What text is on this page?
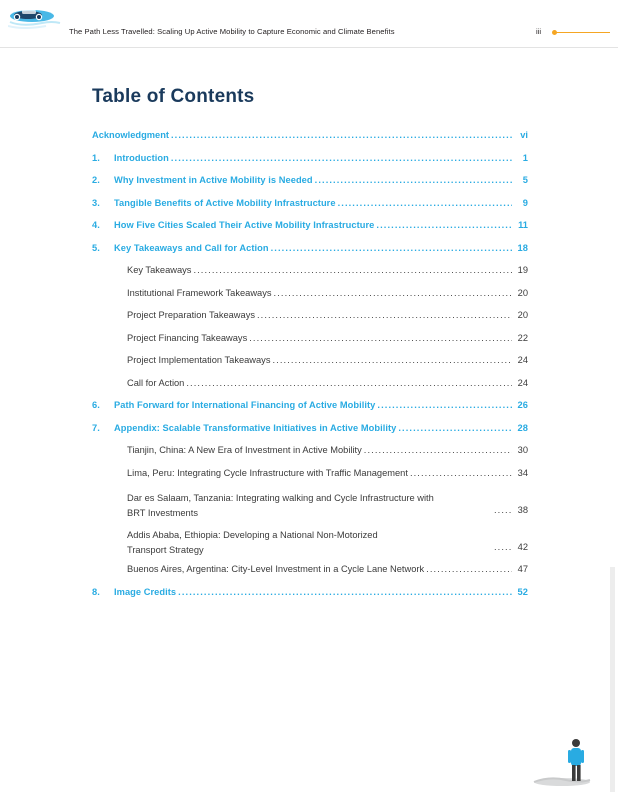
The Path Less Travelled: Scaling Up Active Mobility to Capture Economic and Climate Benefits	iii
Table of Contents
Acknowledgment .....	vi
1.	Introduction .....	1
2.	Why Investment in Active Mobility is Needed .....	5
3.	Tangible Benefits of Active Mobility Infrastructure .....	9
4.	How Five Cities Scaled Their Active Mobility Infrastructure .....	11
5.	Key Takeaways and Call for Action .....	18
Key Takeaways .....	19
Institutional Framework Takeaways .....	20
Project Preparation Takeaways .....	20
Project Financing Takeaways .....	22
Project Implementation Takeaways .....	24
Call for Action .....	24
6.	Path Forward for International Financing of Active Mobility .....	26
7.	Appendix: Scalable Transformative Initiatives in Active Mobility .....	28
Tianjin, China: A New Era of Investment in Active Mobility .....	30
Lima, Peru: Integrating Cycle Infrastructure with Traffic Management .....	34
Dar es Salaam, Tanzania: Integrating walking and Cycle Infrastructure with
BRT Investments .....	38
Addis Ababa, Ethiopia: Developing a National Non-Motorized
Transport Strategy .....	42
Buenos Aires, Argentina: City-Level Investment in a Cycle Lane Network .....	47
8.	Image Credits .....	52
